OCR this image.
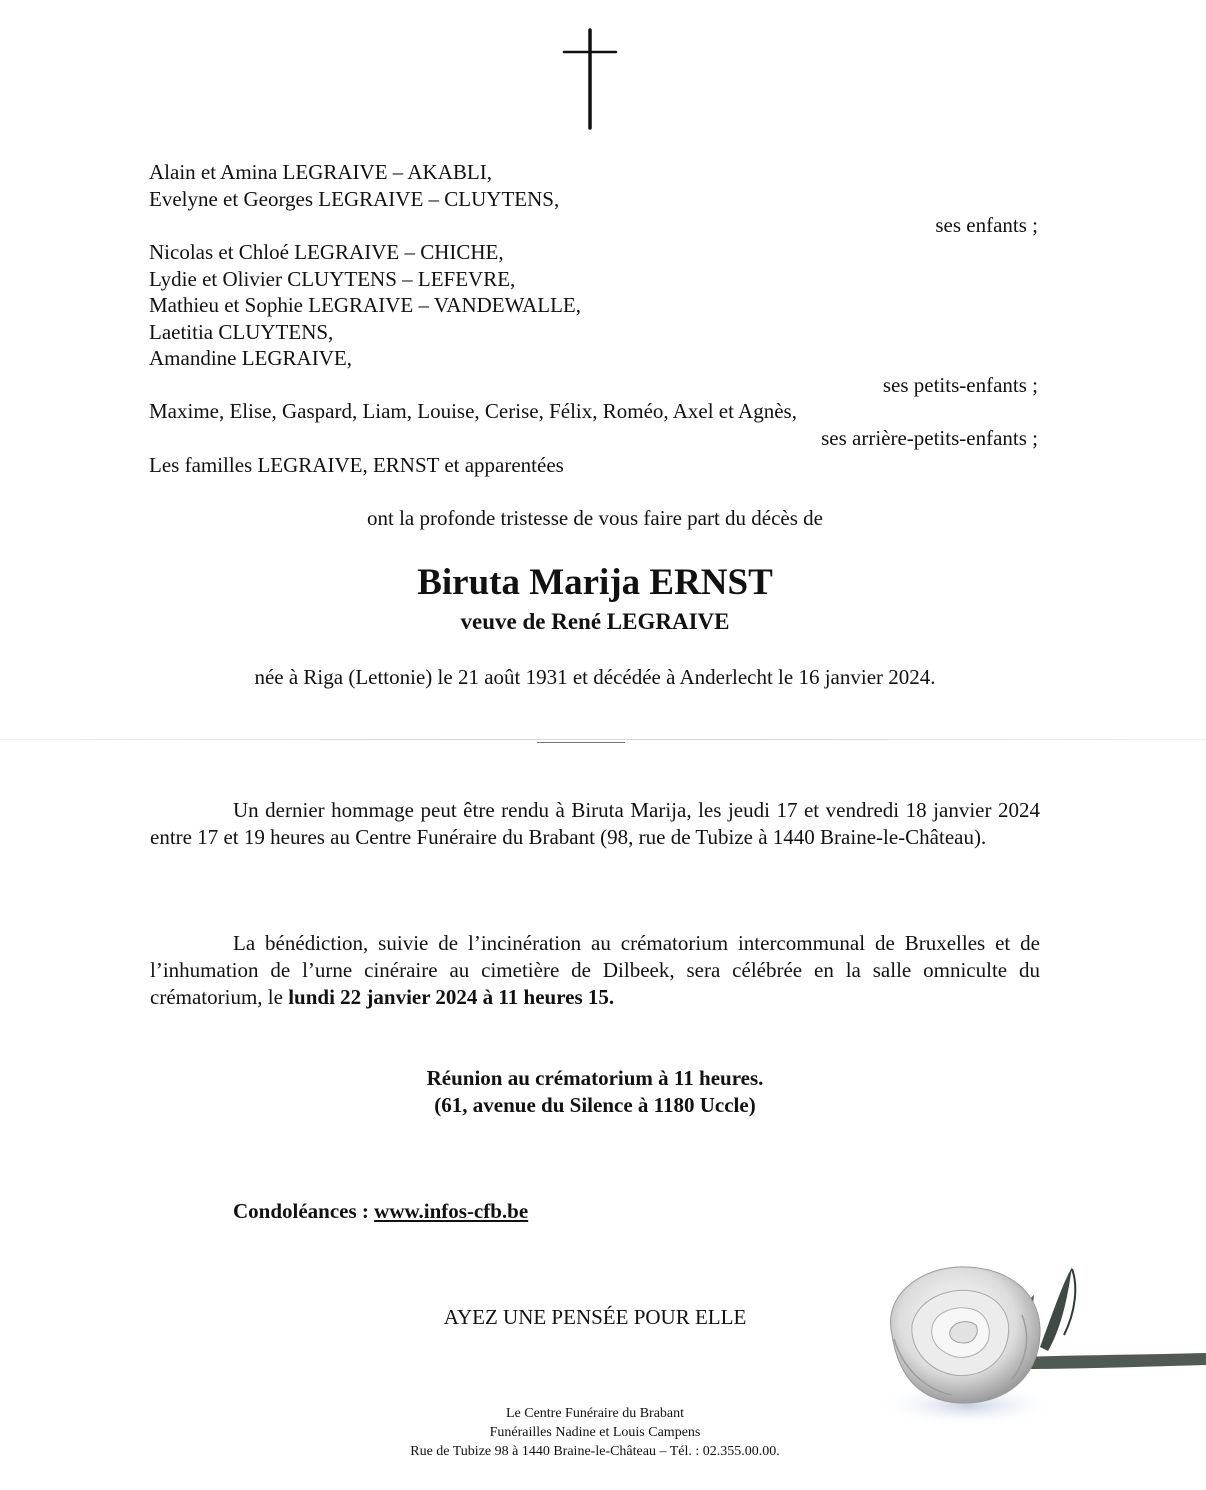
Alain et Amina LEGRAIVE – AKABLI,
Evelyne et Georges LEGRAIVE – CLUYTENS,
ses enfants ;
Nicolas et Chloé LEGRAIVE – CHICHE,
Lydie et Olivier CLUYTENS – LEFEVRE,
Mathieu et Sophie LEGRAIVE – VANDEWALLE,
Laetitia CLUYTENS,
Amandine LEGRAIVE,
ses petits-enfants ;
Maxime, Elise, Gaspard, Liam, Louise, Cerise, Félix, Roméo, Axel et Agnès,
ses arrière-petits-enfants ;
Les familles LEGRAIVE, ERNST et apparentées
ont la profonde tristesse de vous faire part du décès de
Biruta Marija ERNST
veuve de René LEGRAIVE
née à Riga (Lettonie) le 21 août 1931 et décédée à Anderlecht le 16 janvier 2024.
Un dernier hommage peut être rendu à Biruta Marija, les jeudi 17 et vendredi 18 janvier 2024 entre 17 et 19 heures au Centre Funéraire du Brabant (98, rue de Tubize à 1440 Braine-le-Château).
La bénédiction, suivie de l’incinération au crématorium intercommunal de Bruxelles et de l’inhumation de l’urne cinéraire au cimetière de Dilbeek, sera célébrée en la salle omniculte du crématorium, le lundi 22 janvier 2024 à 11 heures 15.
Réunion au crématorium à 11 heures.
(61, avenue du Silence à 1180 Uccle)
Condoléances : www.infos-cfb.be
AYEZ UNE PENSÉE POUR ELLE
Le Centre Funéraire du Brabant
Funérailles Nadine et Louis Campens
Rue de Tubize 98 à 1440 Braine-le-Château – Tél. : 02.355.00.00.
